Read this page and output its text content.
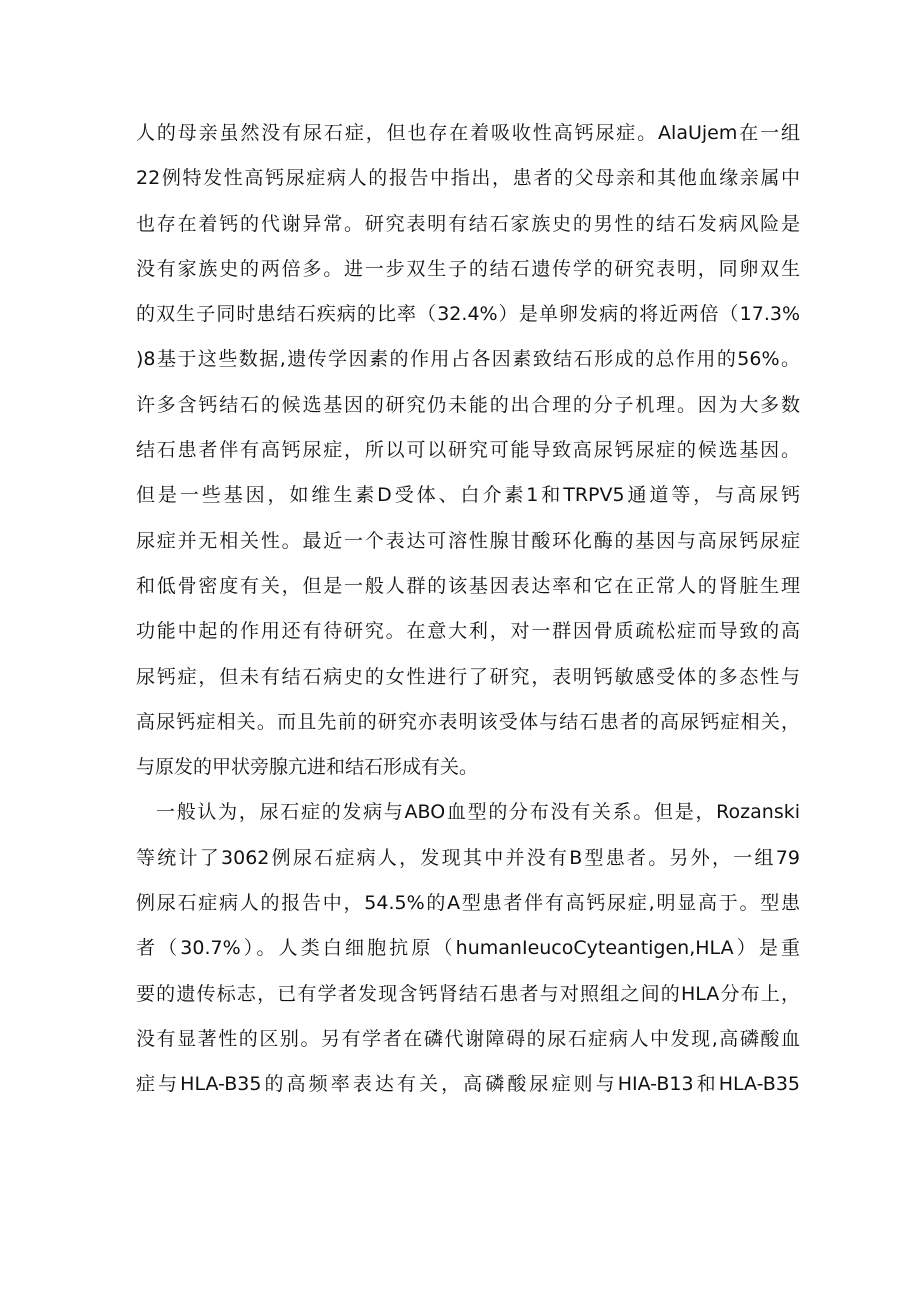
人的母亲虽然没有尿石症，但也存在着吸收性高钙尿症。AlaUjem在一组
22例特发性高钙尿症病人的报告中指出，患者的父母亲和其他血缘亲属中
也存在着钙的代谢异常。研究表明有结石家族史的男性的结石发病风险是
没有家族史的两倍多。进一步双生子的结石遗传学的研究表明，同卵双生
的双生子同时患结石疾病的比率（32.4%）是单卵发病的将近两倍（17.3%
)8基于这些数据,遗传学因素的作用占各因素致结石形成的总作用的56%。
许多含钙结石的候选基因的研究仍未能的出合理的分子机理。因为大多数
结石患者伴有高钙尿症，所以可以研究可能导致高尿钙尿症的候选基因。
但是一些基因，如维生素D受体、白介素1和TRPV5通道等，与高尿钙
尿症并无相关性。最近一个表达可溶性腺甘酸环化酶的基因与高尿钙尿症
和低骨密度有关，但是一般人群的该基因表达率和它在正常人的肾脏生理
功能中起的作用还有待研究。在意大利，对一群因骨质疏松症而导致的高
尿钙症，但未有结石病史的女性进行了研究，表明钙敏感受体的多态性与
高尿钙症相关。而且先前的研究亦表明该受体与结石患者的高尿钙症相关，
与原发的甲状旁腺亢进和结石形成有关。
一般认为，尿石症的发病与ABO血型的分布没有关系。但是，Rozanski
等统计了3062例尿石症病人，发现其中并没有B型患者。另外，一组79
例尿石症病人的报告中，54.5%的A型患者伴有高钙尿症,明显高于。型患
者（30.7%）。人类白细胞抗原（humanIeucoCyteantigen,HLA）是重
要的遗传标志，已有学者发现含钙肾结石患者与对照组之间的HLA分布上，
没有显著性的区别。另有学者在磷代谢障碍的尿石症病人中发现,高磷酸血
症与HLA-B35的高频率表达有关，高磷酸尿症则与HIA-B13和HLA-B35
